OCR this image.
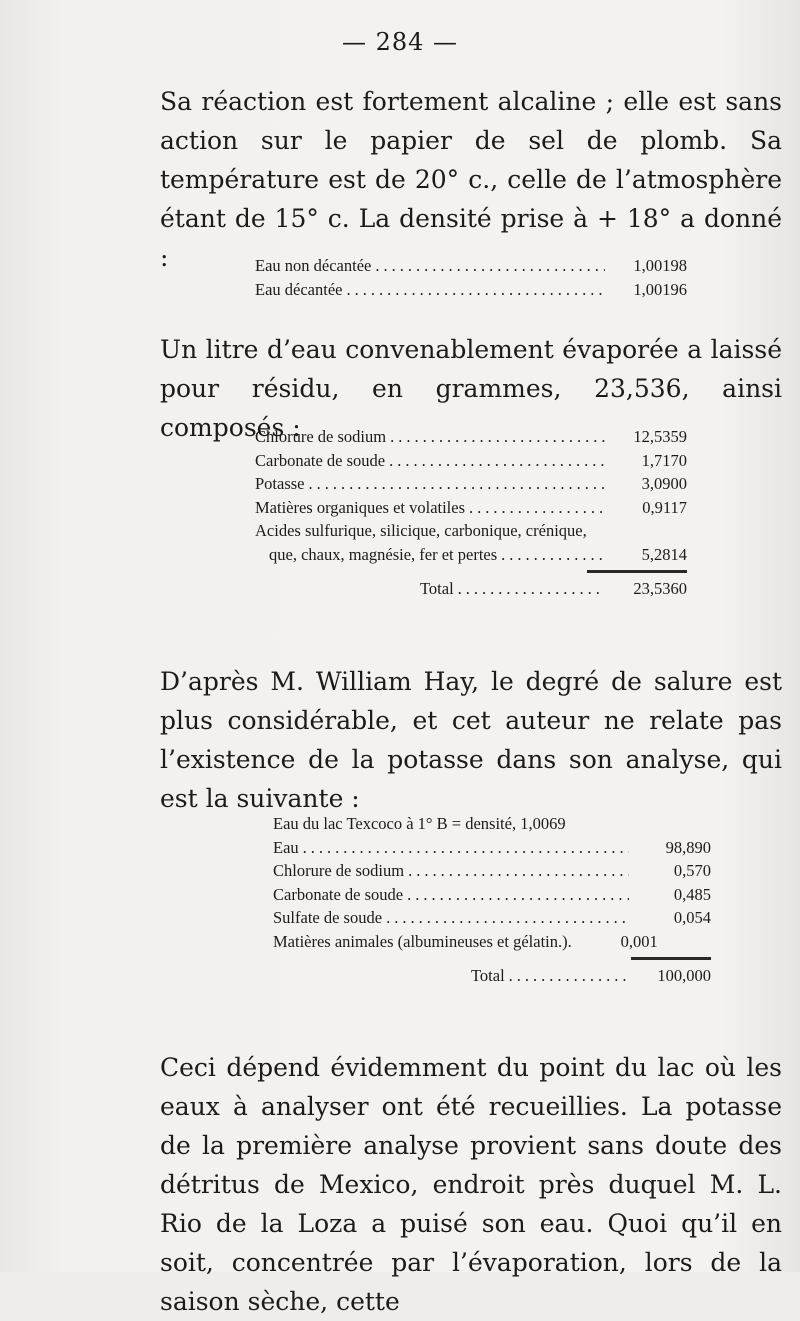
— 284 —

Sa réaction est fortement alcaline ; elle est sans action sur le papier de sel de plomb. Sa température est de 20° c., celle de l’atmosphère étant de 15° c. La densité prise à + 18° a donné :	Eau non décantée .....	1,00198
Eau décantée .....	1,00196

Un litre d’eau convenablement évaporée a laissé pour résidu, en grammes, 23,536, ainsi composés :

Chlorure de sodium .....	12,5359
Carbonate de soude .....	1,7170
Potasse .....	3,0900
Matières organiques et volatiles .....	0,9117
Acides sulfurique, silicique, carbonique, crénique,
que, chaux, magnésie, fer et pertes .....	5,2814
Total .....	23,5360

D’après M. William Hay, le degré de salure est plus considérable, et cet auteur ne relate pas l’existence de la potasse dans son analyse, qui est la suivante :

Eau du lac Texcoco à 1° B = densité, 1,0069
Eau .....	98,890
Chlorure de sodium .....	0,570
Carbonate de soude .....	0,485
Sulfate de soude .....	0,054
Matières animales (albumineuses et gélatin.).	0,001
Total .....	100,000

Ceci dépend évidemment du point du lac où les eaux à analyser ont été recueillies. La potasse de la première analyse provient sans doute des détritus de Mexico, endroit près duquel M. L. Rio de la Loza a puisé son eau. Quoi qu’il en soit, concentrée par l’évaporation, lors de la saison sèche, cette
